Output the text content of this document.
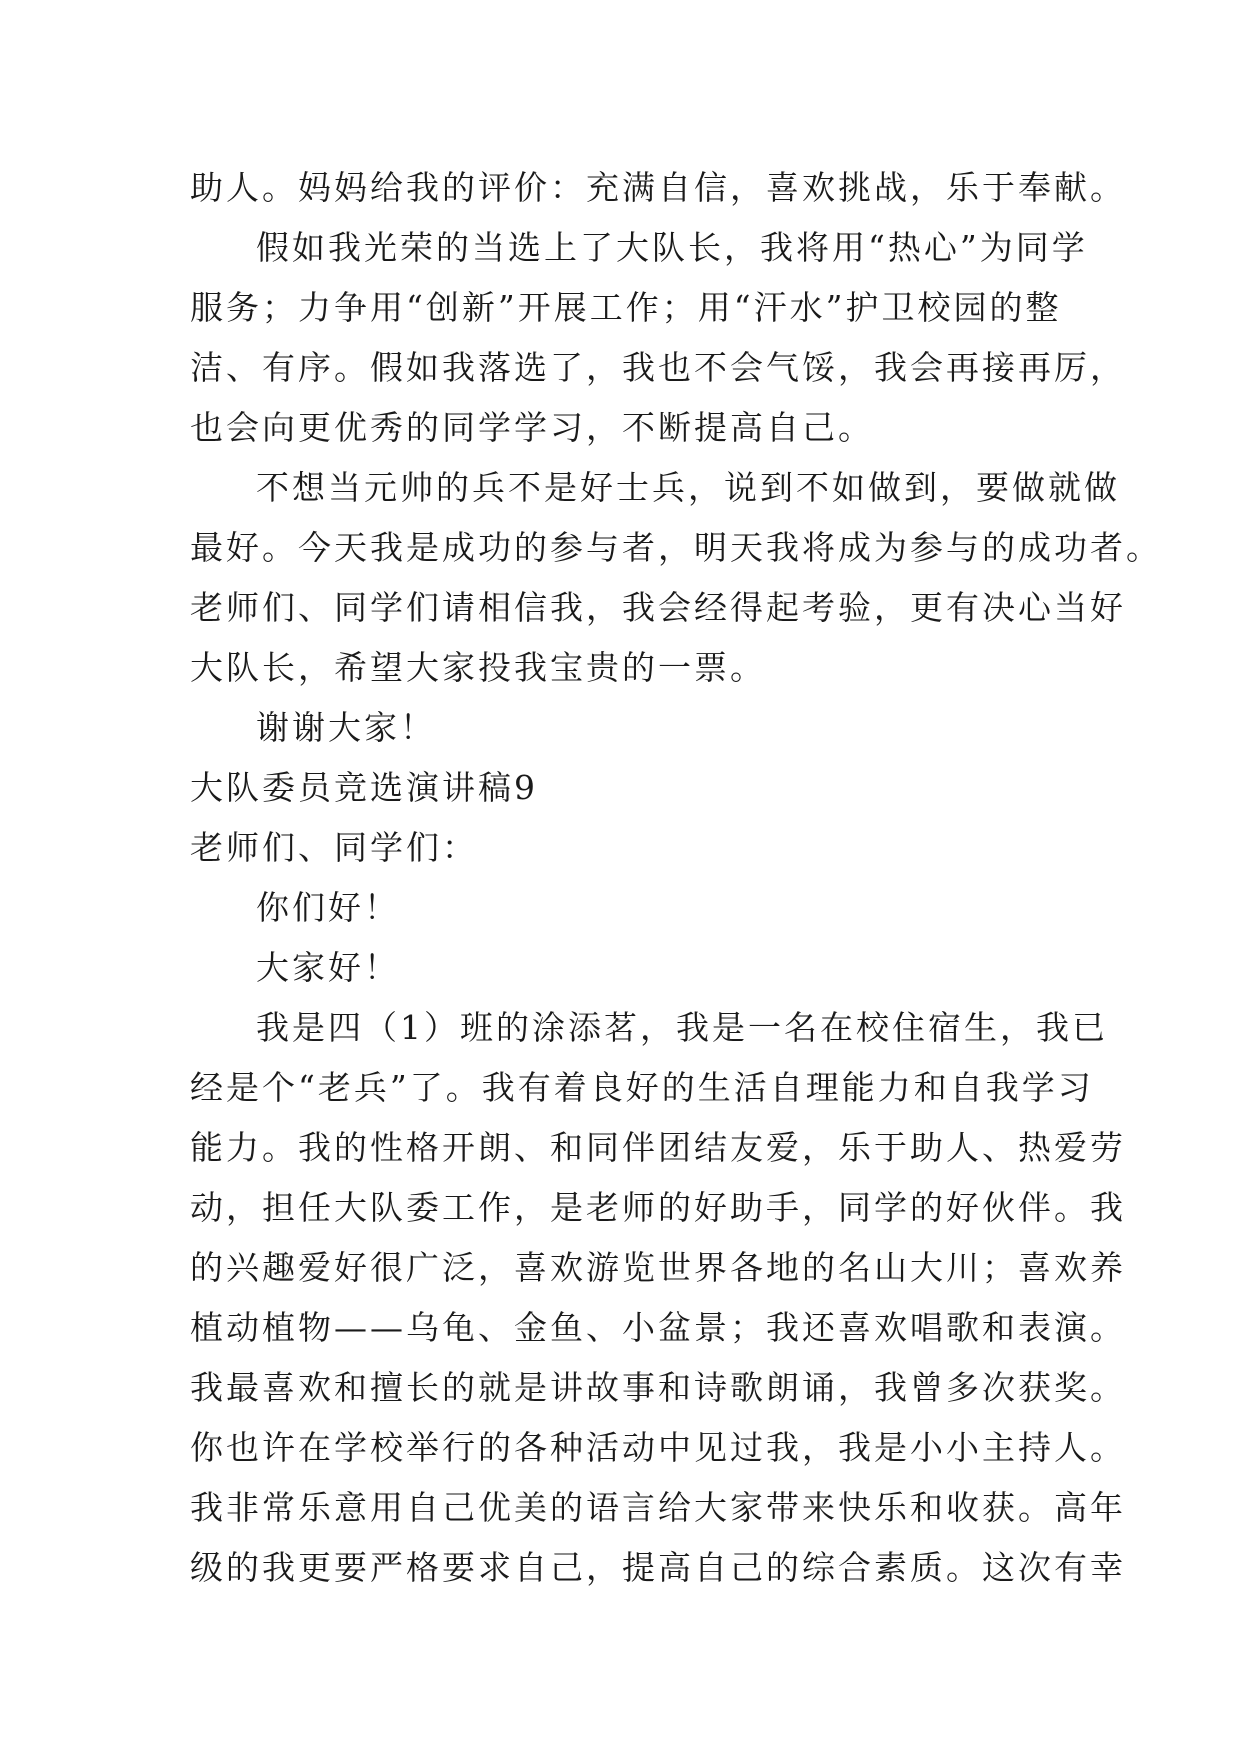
助人。妈妈给我的评价：充满自信，喜欢挑战，乐于奉献。
假如我光荣的当选上了大队长，我将用“热心”为同学
服务；力争用“创新”开展工作；用“汗水”护卫校园的整
洁、有序。假如我落选了，我也不会气馁，我会再接再厉，
也会向更优秀的同学学习，不断提高自己。
不想当元帅的兵不是好士兵，说到不如做到，要做就做
最好。今天我是成功的参与者，明天我将成为参与的成功者。
老师们、同学们请相信我，我会经得起考验，更有决心当好
大队长，希望大家投我宝贵的一票。
谢谢大家！
大队委员竞选演讲稿9
老师们、同学们：
你们好！
大家好！
我是四（1）班的涂添茗，我是一名在校住宿生，我已
经是个“老兵”了。我有着良好的生活自理能力和自我学习
能力。我的性格开朗、和同伴团结友爱，乐于助人、热爱劳
动，担任大队委工作，是老师的好助手，同学的好伙伴。我
的兴趣爱好很广泛，喜欢游览世界各地的名山大川；喜欢养
植动植物——乌龟、金鱼、小盆景；我还喜欢唱歌和表演。
我最喜欢和擅长的就是讲故事和诗歌朗诵，我曾多次获奖。
你也许在学校举行的各种活动中见过我，我是小小主持人。
我非常乐意用自己优美的语言给大家带来快乐和收获。高年
级的我更要严格要求自己，提高自己的综合素质。这次有幸
